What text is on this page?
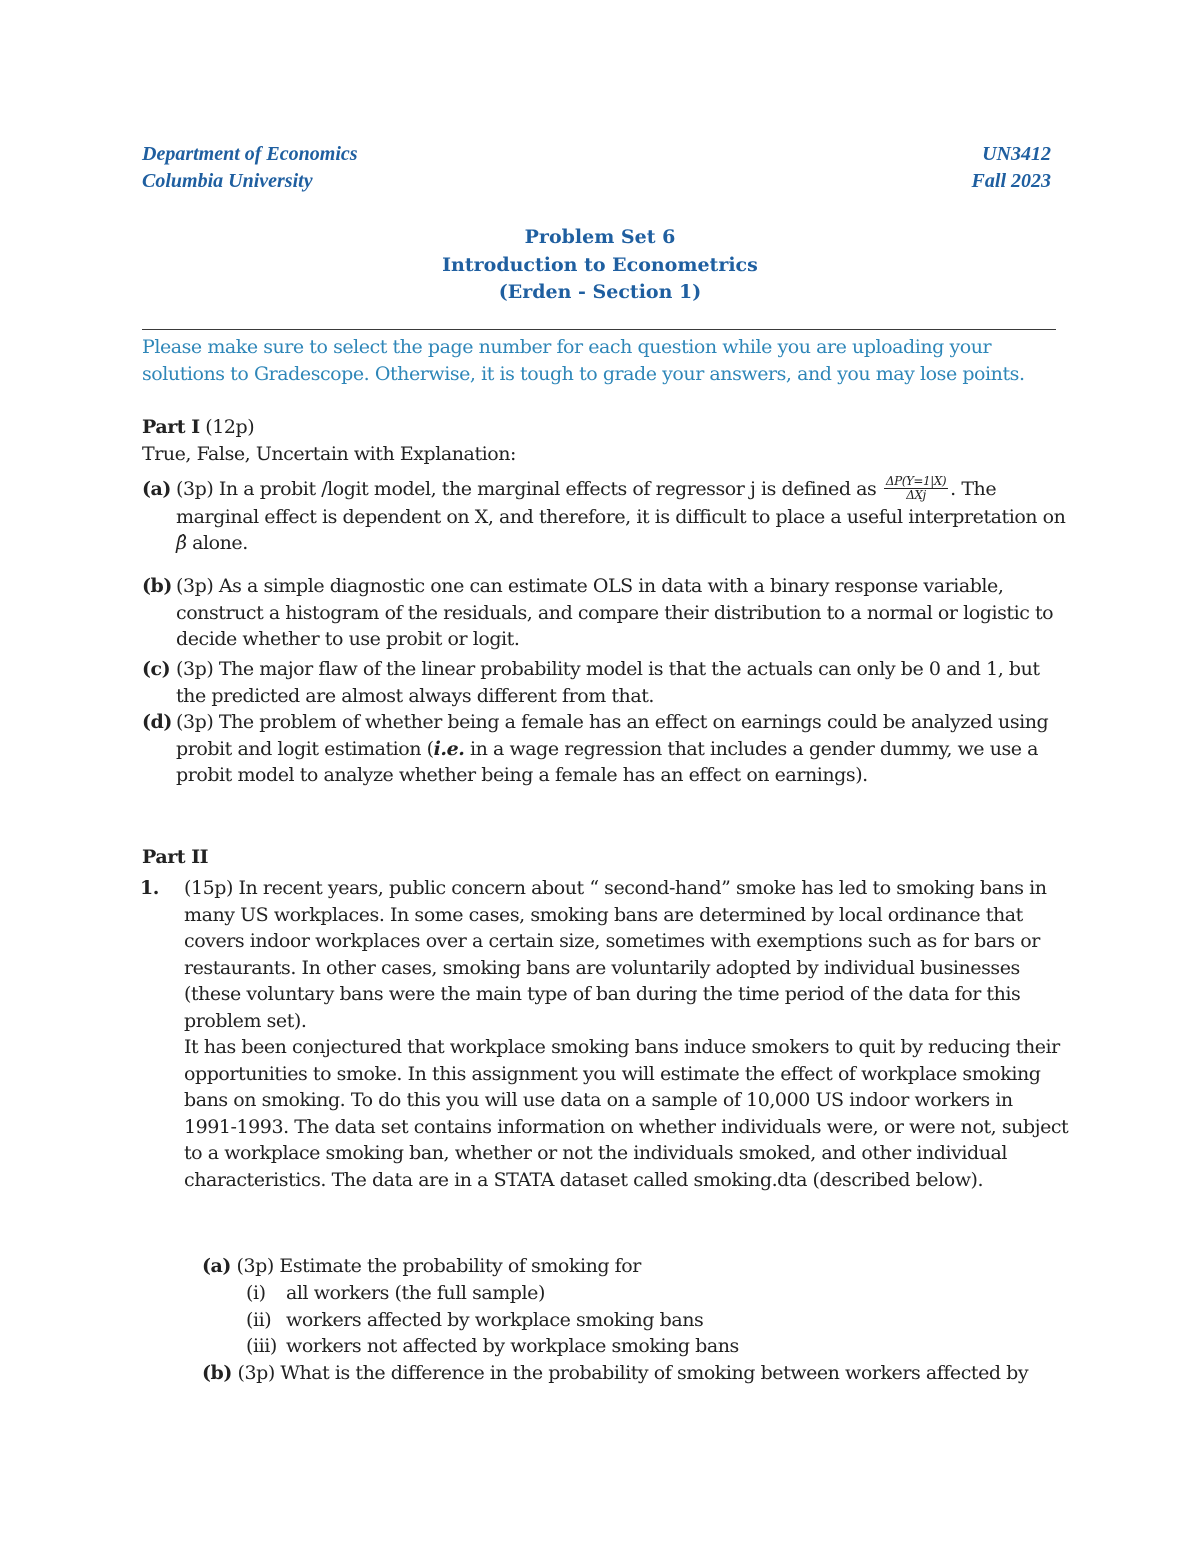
Department of Economics
Columbia University
UN3412
Fall 2023
Problem Set 6
Introduction to Econometrics
(Erden - Section 1)
Please make sure to select the page number for each question while you are uploading your solutions to Gradescope. Otherwise, it is tough to grade your answers, and you may lose points.
Part I (12p)
True, False, Uncertain with Explanation:
(a) (3p) In a probit /logit model, the marginal effects of regressor j is defined as $\frac{\Delta P(Y=1|X)}{\text{ΔXj}}$ . The marginal effect is dependent on X, and therefore, it is difficult to place a useful interpretation on β̂ alone.
(b) (3p) As a simple diagnostic one can estimate OLS in data with a binary response variable, construct a histogram of the residuals, and compare their distribution to a normal or logistic to decide whether to use probit or logit.
(c) (3p) The major flaw of the linear probability model is that the actuals can only be 0 and 1, but the predicted are almost always different from that.
(d) (3p) The problem of whether being a female has an effect on earnings could be analyzed using probit and logit estimation (i.e. in a wage regression that includes a gender dummy, we use a probit model to analyze whether being a female has an effect on earnings).
Part II
1. (15p) In recent years, public concern about “ second-hand” smoke has led to smoking bans in many US workplaces. In some cases, smoking bans are determined by local ordinance that covers indoor workplaces over a certain size, sometimes with exemptions such as for bars or restaurants. In other cases, smoking bans are voluntarily adopted by individual businesses (these voluntary bans were the main type of ban during the time period of the data for this problem set).

It has been conjectured that workplace smoking bans induce smokers to quit by reducing their opportunities to smoke. In this assignment you will estimate the effect of workplace smoking bans on smoking. To do this you will use data on a sample of 10,000 US indoor workers in 1991-1993. The data set contains information on whether individuals were, or were not, subject to a workplace smoking ban, whether or not the individuals smoked, and other individual characteristics. The data are in a STATA dataset called smoking.dta (described below).

(a) (3p) Estimate the probability of smoking for
(i) all workers (the full sample)
(ii) workers affected by workplace smoking bans
(iii) workers not affected by workplace smoking bans
(b) (3p) What is the difference in the probability of smoking between workers affected by
